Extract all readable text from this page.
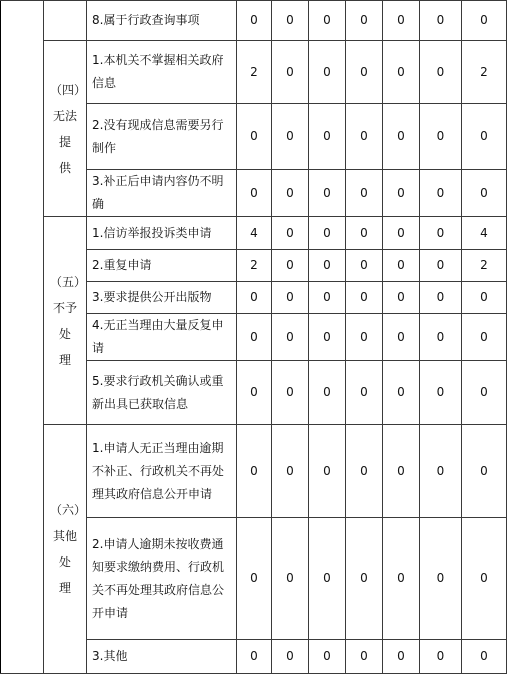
		8.属于行政查询事项	0	0	0	0	0	0	0

	（四）
无法提
供	1.本机关不掌握相关政府信息	2	0	0	0	0	0	2
		2.没有现成信息需要另行制作	0	0	0	0	0	0	0
		3.补正后申请内容仍不明确	0	0	0	0	0	0	0

	（五）
不予处
理	1.信访举报投诉类申请	4	0	0	0	0	0	4
		2.重复申请	2	0	0	0	0	0	2
		3.要求提供公开出版物	0	0	0	0	0	0	0
		4.无正当理由大量反复申请	0	0	0	0	0	0	0
		5.要求行政机关确认或重新出具已获取信息	0	0	0	0	0	0	0

	（六）
其他处
理	1.申请人无正当理由逾期不补正、行政机关不再处理其政府信息公开申请	0	0	0	0	0	0	0
		2.申请人逾期未按收费通知要求缴纳费用、行政机关不再处理其政府信息公开申请	0	0	0	0	0	0	0
		3.其他	0	0	0	0	0	0	0
